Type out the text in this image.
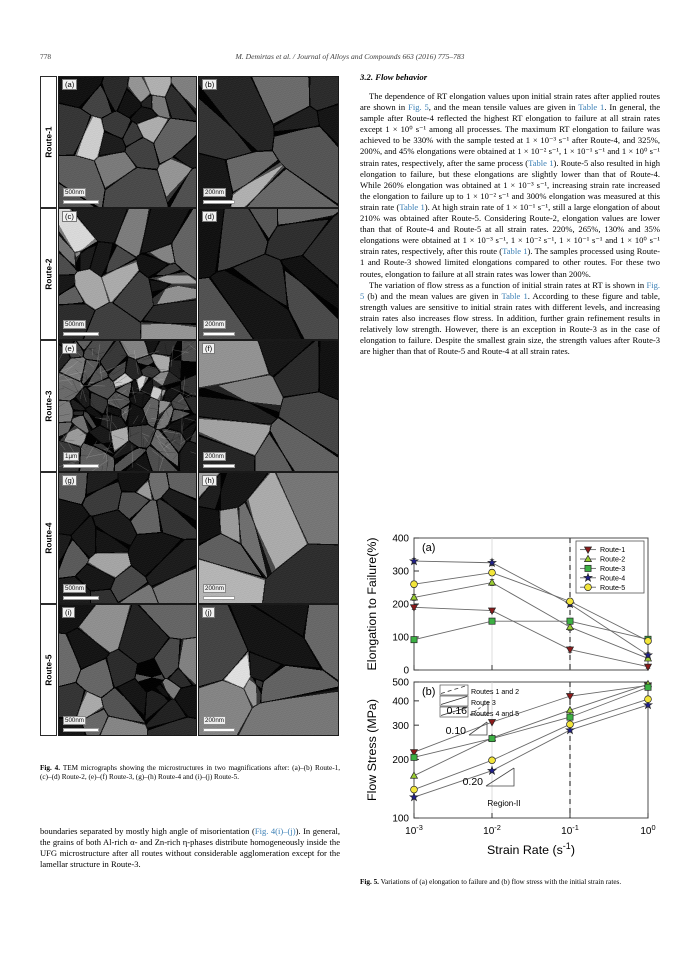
778	M. Demirtas et al. / Journal of Alloys and Compounds 663 (2016) 775–783
Route-1
(a)
500nm
(b)
200nm
Route-2
(c)
500nm
(d)
200nm
Route-3
(e)
1µm
(f)
200nm
Route-4
(g)
500nm
(h)
200nm
Route-5
(i)
500nm
(j)
200nm
Fig. 4. TEM micrographs showing the microstructures in two magnifications after: (a)–(b) Route-1, (c)–(d) Route-2, (e)–(f) Route-3, (g)–(h) Route-4 and (i)–(j) Route-5.

boundaries separated by mostly high angle of misorientation (Fig. 4(i)–(j)). In general, the grains of both Al-rich α- and Zn-rich η-phases distribute homogeneously inside the UFG microstructure after all routes without considerable agglomeration except for the lamellar structure in Route-3.

3.2. Flow behavior

The dependence of RT elongation values upon initial strain rates after applied routes are shown in Fig. 5, and the mean tensile values are given in Table 1. In general, the sample after Route-4 reflected the highest RT elongation to failure at all strain rates except 1 × 10⁰ s⁻¹ among all processes. The maximum RT elongation to failure was achieved to be 330% with the sample tested at 1 × 10⁻³ s⁻¹ after Route-4, and 325%, 200%, and 45% elongations were obtained at 1 × 10⁻² s⁻¹, 1 × 10⁻¹ s⁻¹ and 1 × 10⁰ s⁻¹ strain rates, respectively, after the same process (Table 1). Route-5 also resulted in high elongation to failure, but these elongations are slightly lower than that of Route-4. While 260% elongation was obtained at 1 × 10⁻³ s⁻¹, increasing strain rate increased the elongation to failure up to 1 × 10⁻² s⁻¹ and 300% elongation was measured at this strain rate (Table 1). At high strain rate of 1 × 10⁻¹ s⁻¹, still a large elongation of about 210% was obtained after Route-5. Considering Route-2, elongation values are lower than that of Route-4 and Route-5 at all strain rates. 220%, 265%, 130% and 35% elongations were obtained at 1 × 10⁻³ s⁻¹, 1 × 10⁻² s⁻¹, 1 × 10⁻¹ s⁻¹ and 1 × 10⁰ s⁻¹ strain rates, respectively, after this route (Table 1). The samples processed using Route-1 and Route-3 showed limited elongations compared to other routes. For these two routes, elongation to failure at all strain rates was lower than 200%.

The variation of flow stress as a function of initial strain rates at RT is shown in Fig. 5 (b) and the mean values are given in Table 1. According to these figure and table, strength values are sensitive to initial strain rates with different levels, and increasing strain rates also increases flow stress. In addition, further grain refinement results in relatively low strength. However, there is an exception in Route-3 as in the case of elongation to failure. Despite the smallest grain size, the strength values after Route-3 are higher than that of Route-5 and Route-4 at all strain rates.

0
100
200
300
400
(a)	Route-1
Route-2
Route-3
Route-4
Route-5
Elongation to Failure(%)
100
200
300
400
500
(b)	Routes 1 and 2
Route 3
Routes 4 and 5
0.16
0.10
0.20
Region-II
Flow Stress (MPa)
$10^{-3}$	$10^{-2}$	$10^{-1}$	$10^0$
Strain Rate $(s^{-1})$
Fig. 5. Variations of (a) elongation to failure and (b) flow stress with the initial strain rates.
